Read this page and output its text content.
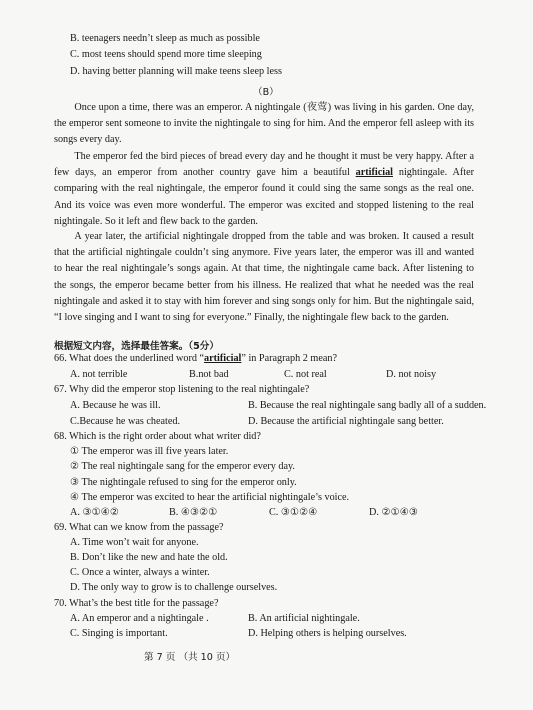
B. teenagers needn’t sleep as much as possible
C. most teens should spend more time sleeping
D. having better planning will make teens sleep less
（B）
Once upon a time, there was an emperor. A nightingale (夜莺) was living in his garden. One day, the emperor sent someone to invite the nightingale to sing for him. And the emperor fell asleep with its songs every day.
The emperor fed the bird pieces of bread every day and he thought it must be very happy. After a few days, an emperor from another country gave him a beautiful artificial nightingale. After comparing with the real nightingale, the emperor found it could sing the same songs as the real one. And its voice was even more wonderful. The emperor was excited and stopped listening to the real nightingale. So it left and flew back to the garden.
A year later, the artificial nightingale dropped from the table and was broken. It caused a result that the artificial nightingale couldn’t sing anymore. Five years later, the emperor was ill and wanted to hear the real nightingale’s songs again. At that time, the nightingale came back. After listening to the songs, the emperor became better from his illness. He realized that what he needed was the real nightingale and asked it to stay with him forever and sing songs only for him. But the nightingale said, “I love singing and I want to sing for everyone.” Finally, the nightingale flew back to the garden.
根据短文内容，选择最佳答案。（5分）
66. What does the underlined word “artificial” in Paragraph 2 mean?
A. not terrible	B.not bad	C. not real	D. not noisy
67. Why did the emperor stop listening to the real nightingale?
A. Because he was ill.	B. Because the real nightingale sang badly all of a sudden.
C.Because he was cheated.	D. Because the artificial nightingale sang better.
68. Which is the right order about what writer did?
① The emperor was ill five years later.
② The real nightingale sang for the emperor every day.
③ The nightingale refused to sing for the emperor only.
④ The emperor was excited to hear the artificial nightingale’s voice.
A. ③①④②	B. ④③②①	C. ③①②④	D. ②①④③
69. What can we know from the passage?
A. Time won’t wait for anyone.
B. Don’t like the new and hate the old.
C. Once a winter, always a winter.
D. The only way to grow is to challenge ourselves.
70. What’s the best title for the passage?
A. An emperor and a nightingale .	B. An artificial nightingale.
C. Singing is important.	D. Helping others is helping ourselves.
第 7 页 （共 10 页）
